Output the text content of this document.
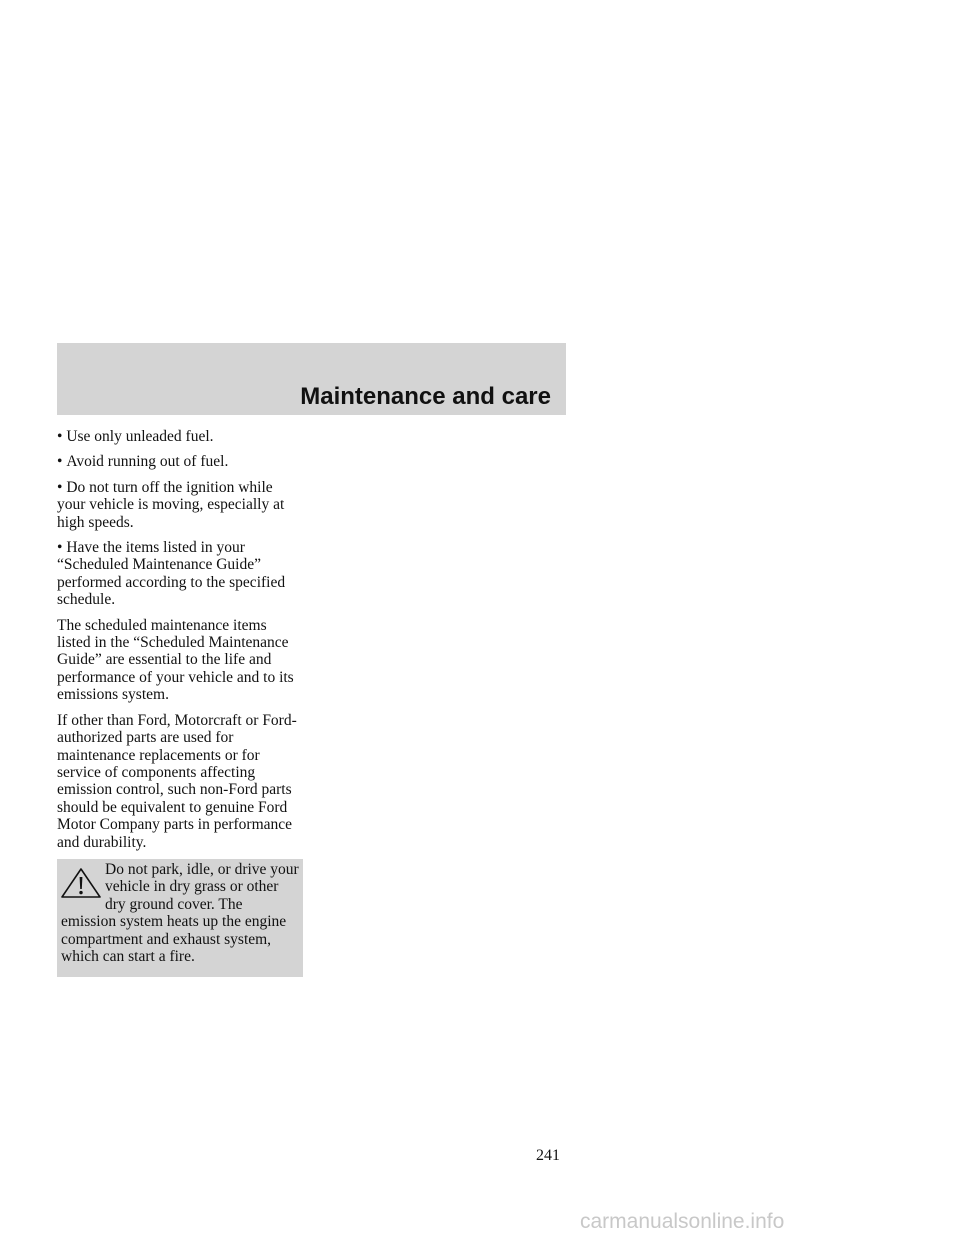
Maintenance and care

• Use only unleaded fuel.

• Avoid running out of fuel.

• Do not turn off the ignition while your vehicle is moving, especially at high speeds.

• Have the items listed in your “Scheduled Maintenance Guide” performed according to the specified schedule.

The scheduled maintenance items listed in the “Scheduled Maintenance Guide” are essential to the life and performance of your vehicle and to its emissions system.

If other than Ford, Motorcraft or Ford-authorized parts are used for maintenance replacements or for service of components affecting emission control, such non-Ford parts should be equivalent to genuine Ford Motor Company parts in performance and durability.

Do not park, idle, or drive your vehicle in dry grass or other dry ground cover. The emission system heats up the engine compartment and exhaust system, which can start a fire.

241
carmanualsonline.info
